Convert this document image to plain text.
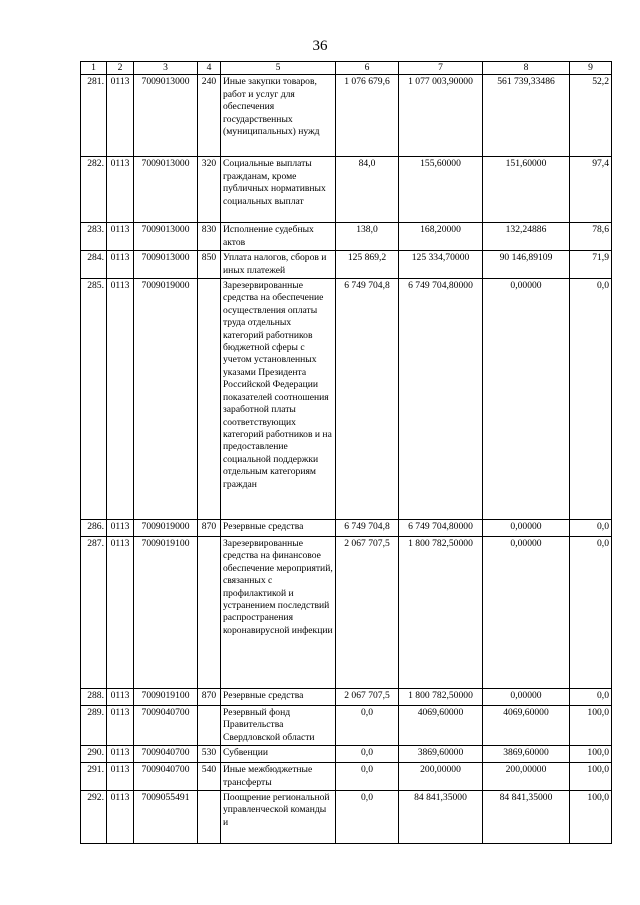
36
1	2	3	4	5	6	7	8	9
281.	0113	7009013000	240	Иные закупки товаров, работ и услуг для обеспечения государственных (муниципальных) нужд	1 076 679,6	1 077 003,90000	561 739,33486	52,2
282.	0113	7009013000	320	Социальные выплаты гражданам, кроме публичных нормативных социальных выплат	84,0	155,60000	151,60000	97,4
283.	0113	7009013000	830	Исполнение судебных актов	138,0	168,20000	132,24886	78,6
284.	0113	7009013000	850	Уплата налогов, сборов и иных платежей	125 869,2	125 334,70000	90 146,89109	71,9
285.	0113	7009019000		Зарезервированные средства на обеспечение осуществления оплаты труда отдельных категорий работников бюджетной сферы с учетом установленных указами Президента Российской Федерации показателей соотношения заработной платы соответствующих категорий работников и на предоставление социальной поддержки отдельным категориям граждан	6 749 704,8	6 749 704,80000	0,00000	0,0
286.	0113	7009019000	870	Резервные средства	6 749 704,8	6 749 704,80000	0,00000	0,0
287.	0113	7009019100		Зарезервированные средства на финансовое обеспечение мероприятий, связанных с профилактикой и устранением последствий распространения коронавирусной инфекции	2 067 707,5	1 800 782,50000	0,00000	0,0
288.	0113	7009019100	870	Резервные средства	2 067 707,5	1 800 782,50000	0,00000	0,0
289.	0113	7009040700		Резервный фонд Правительства Свердловской области	0,0	4069,60000	4069,60000	100,0
290.	0113	7009040700	530	Субвенции	0,0	3869,60000	3869,60000	100,0
291.	0113	7009040700	540	Иные межбюджетные трансферты	0,0	200,00000	200,00000	100,0
292.	0113	7009055491		Поощрение региональной управленческой команды и	0,0	84 841,35000	84 841,35000	100,0
